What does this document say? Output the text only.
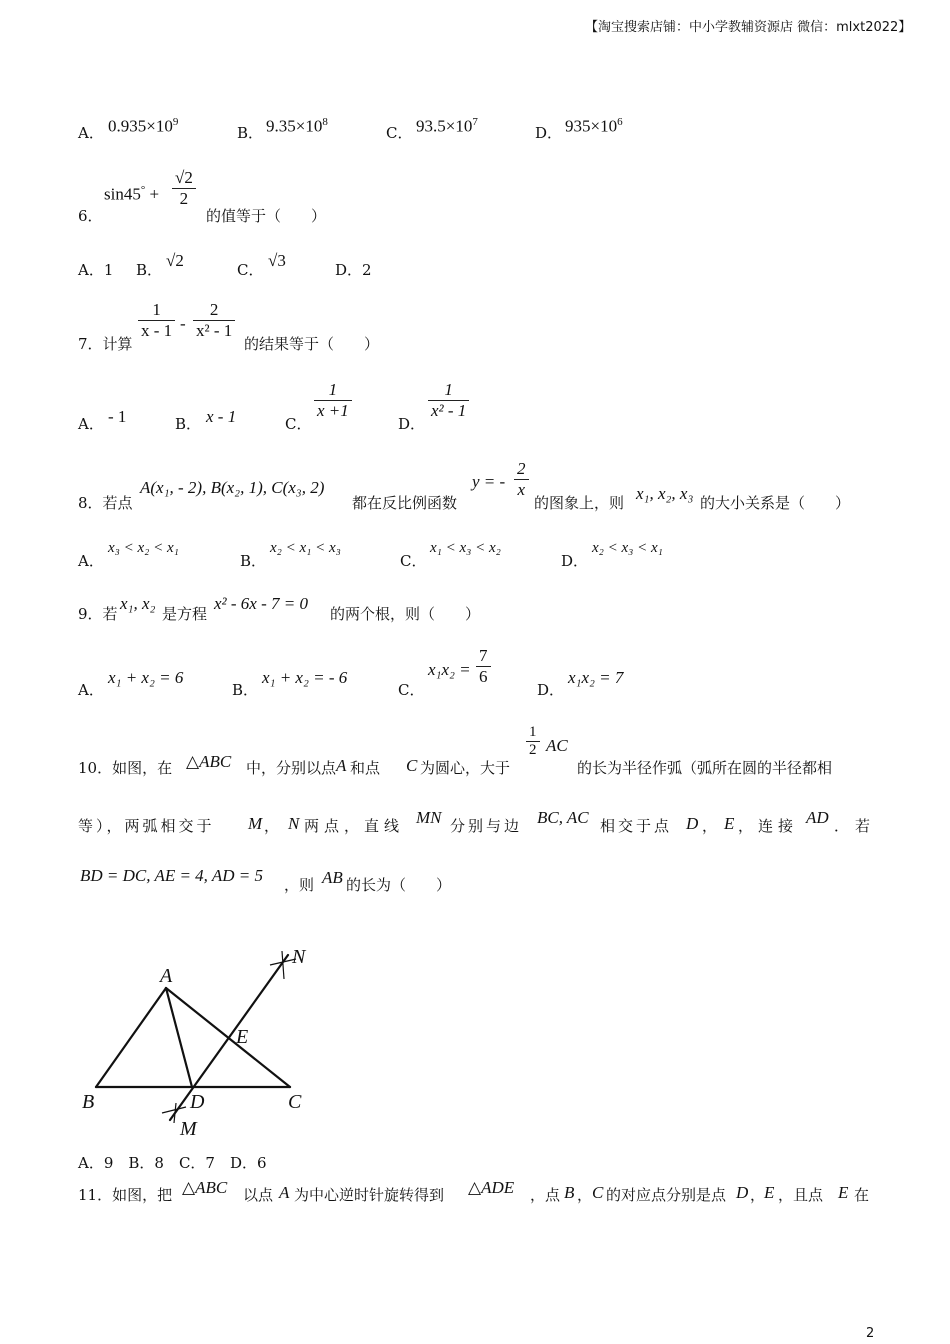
【淘宝搜索店铺：中小学教辅资源店 微信：mlxt2022】
A． $0.935\times 10^9$
B． $9.35\times 10^8$
C． $93.5\times 10^7$
D． $935\times 10^6$
6．
$\sin 45^\circ + \frac{√2}{2}$
的值等于（　　）
A．1 B． √2	C． √3	D．2
7．计算
$\frac{1}{x - 1} - \frac{2}{\text{x² - 1}}$
的结果等于（　　）
A． - 1	B． x - 1	C．
$\frac{1}{x +1}$
D．
$\frac{1}{\text{x² - 1}}$
8．若点
A(x₁, - 2), B(x₂, 1), C(x₃, 2)
都在反比例函数
y = - $\frac{2}{x}$
的图象上，则 x₁, x₂, x₃ 的大小关系是（　　）
A．
x₃ < x₂ < x₁
B．
x₂ < x₁ < x₃
C．
x₁ < x₃ < x₂
D．
x₂ < x₃ < x₁
9．若
x₁, x₂
是方程
x² - 6x - 7 = 0
的两个根，则（　　）
A．
x₁ + x₂ = 6
B．
x₁ + x₂ = - 6
C．
$x_1x_2 = \frac{7}{6}$
D．
x₁x₂ = 7
10．如图，在 △ABC 中，分别以点 A 和点 C 为圆心，大于
$\frac{1}{2}$ AC
的长为半径作弧（弧所在圆的半径都相
等），两弧相交于 M ， N 两点，直线 MN 分别与边 BC, AC 相交于点 D ， E ，连接 AD ．若
BD = DC, AE = 4, AD = 5 ，则 AB 的长为（　　）
A
B	C
D
E
M
N
A．9　B．8　C．7　D．6
11．如图，把 △ABC 以点 A 为中心逆时针旋转得到 △ADE ，点 B ， C 的对应点分别是点 D ，
E ，且点 E 在
2
